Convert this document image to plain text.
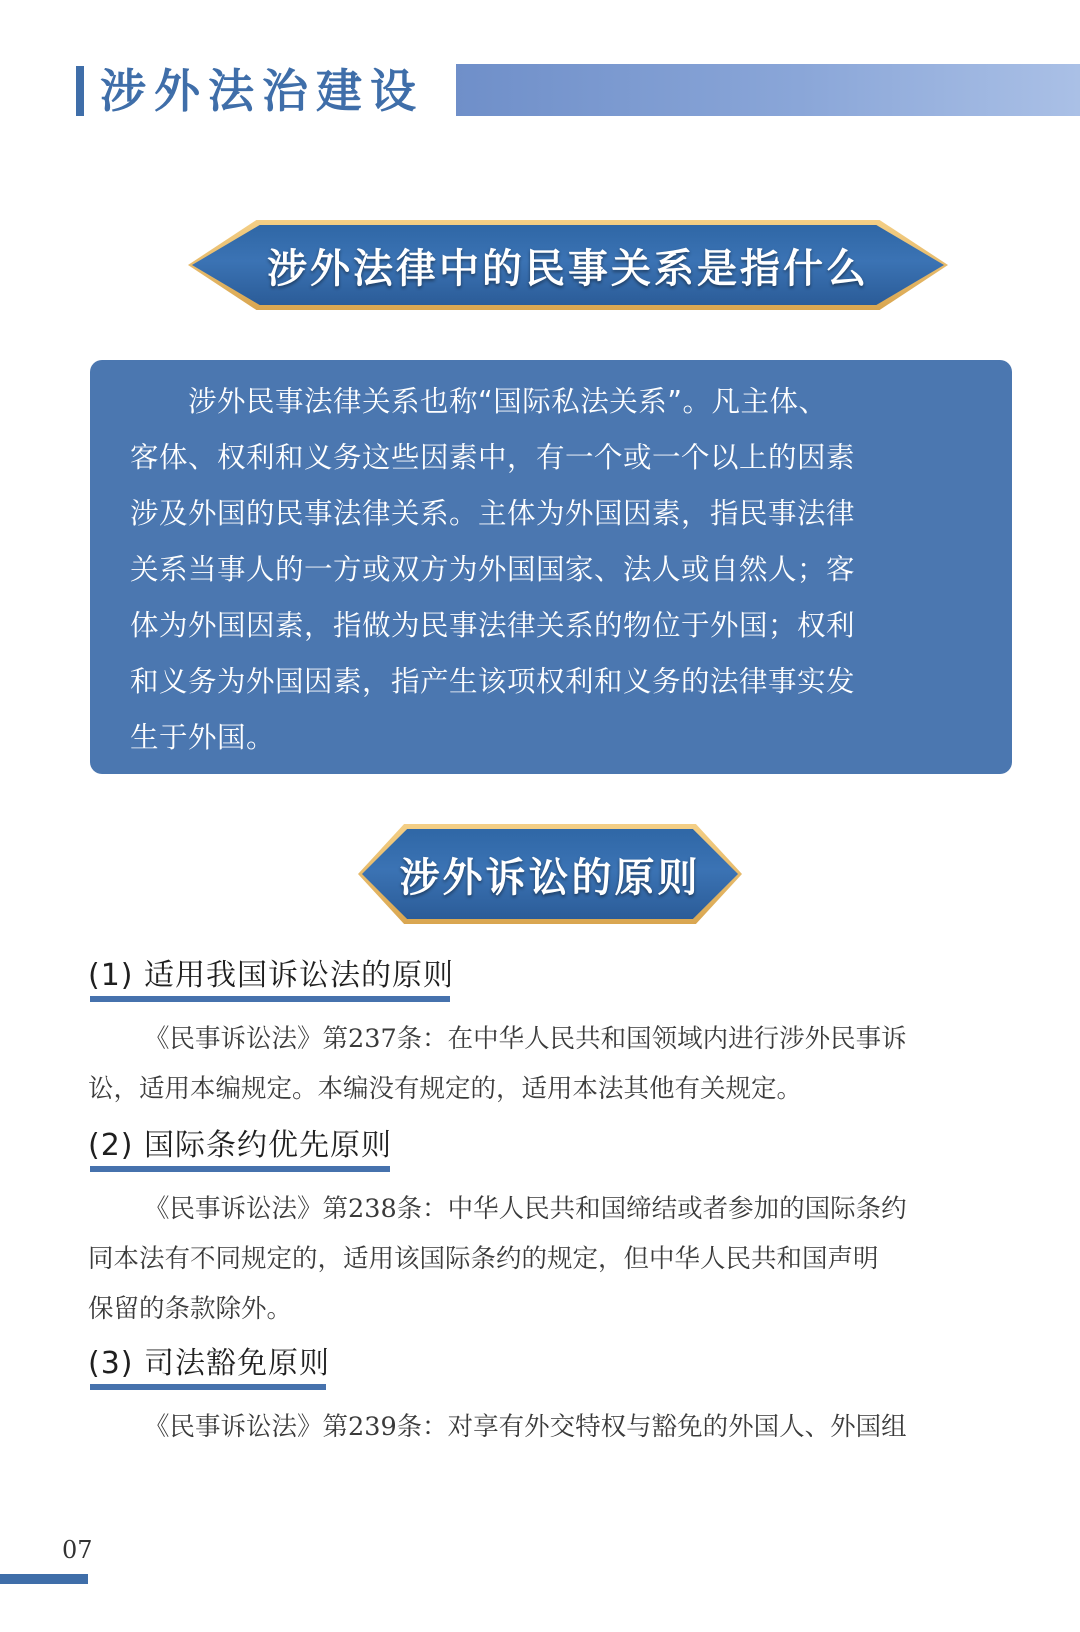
涉外法治建设
涉外法律中的民事关系是指什么
涉外民事法律关系也称“国际私法关系”。凡主体、
客体、权利和义务这些因素中，有一个或一个以上的因素
涉及外国的民事法律关系。主体为外国因素，指民事法律
关系当事人的一方或双方为外国国家、法人或自然人；客
体为外国因素，指做为民事法律关系的物位于外国；权利
和义务为外国因素，指产生该项权利和义务的法律事实发
生于外国。
涉外诉讼的原则
(1) 适用我国诉讼法的原则
《民事诉讼法》第237条：在中华人民共和国领域内进行涉外民事诉
讼，适用本编规定。本编没有规定的，适用本法其他有关规定。
(2) 国际条约优先原则
《民事诉讼法》第238条：中华人民共和国缔结或者参加的国际条约
同本法有不同规定的，适用该国际条约的规定，但中华人民共和国声明
保留的条款除外。
(3) 司法豁免原则
《民事诉讼法》第239条：对享有外交特权与豁免的外国人、外国组
07
